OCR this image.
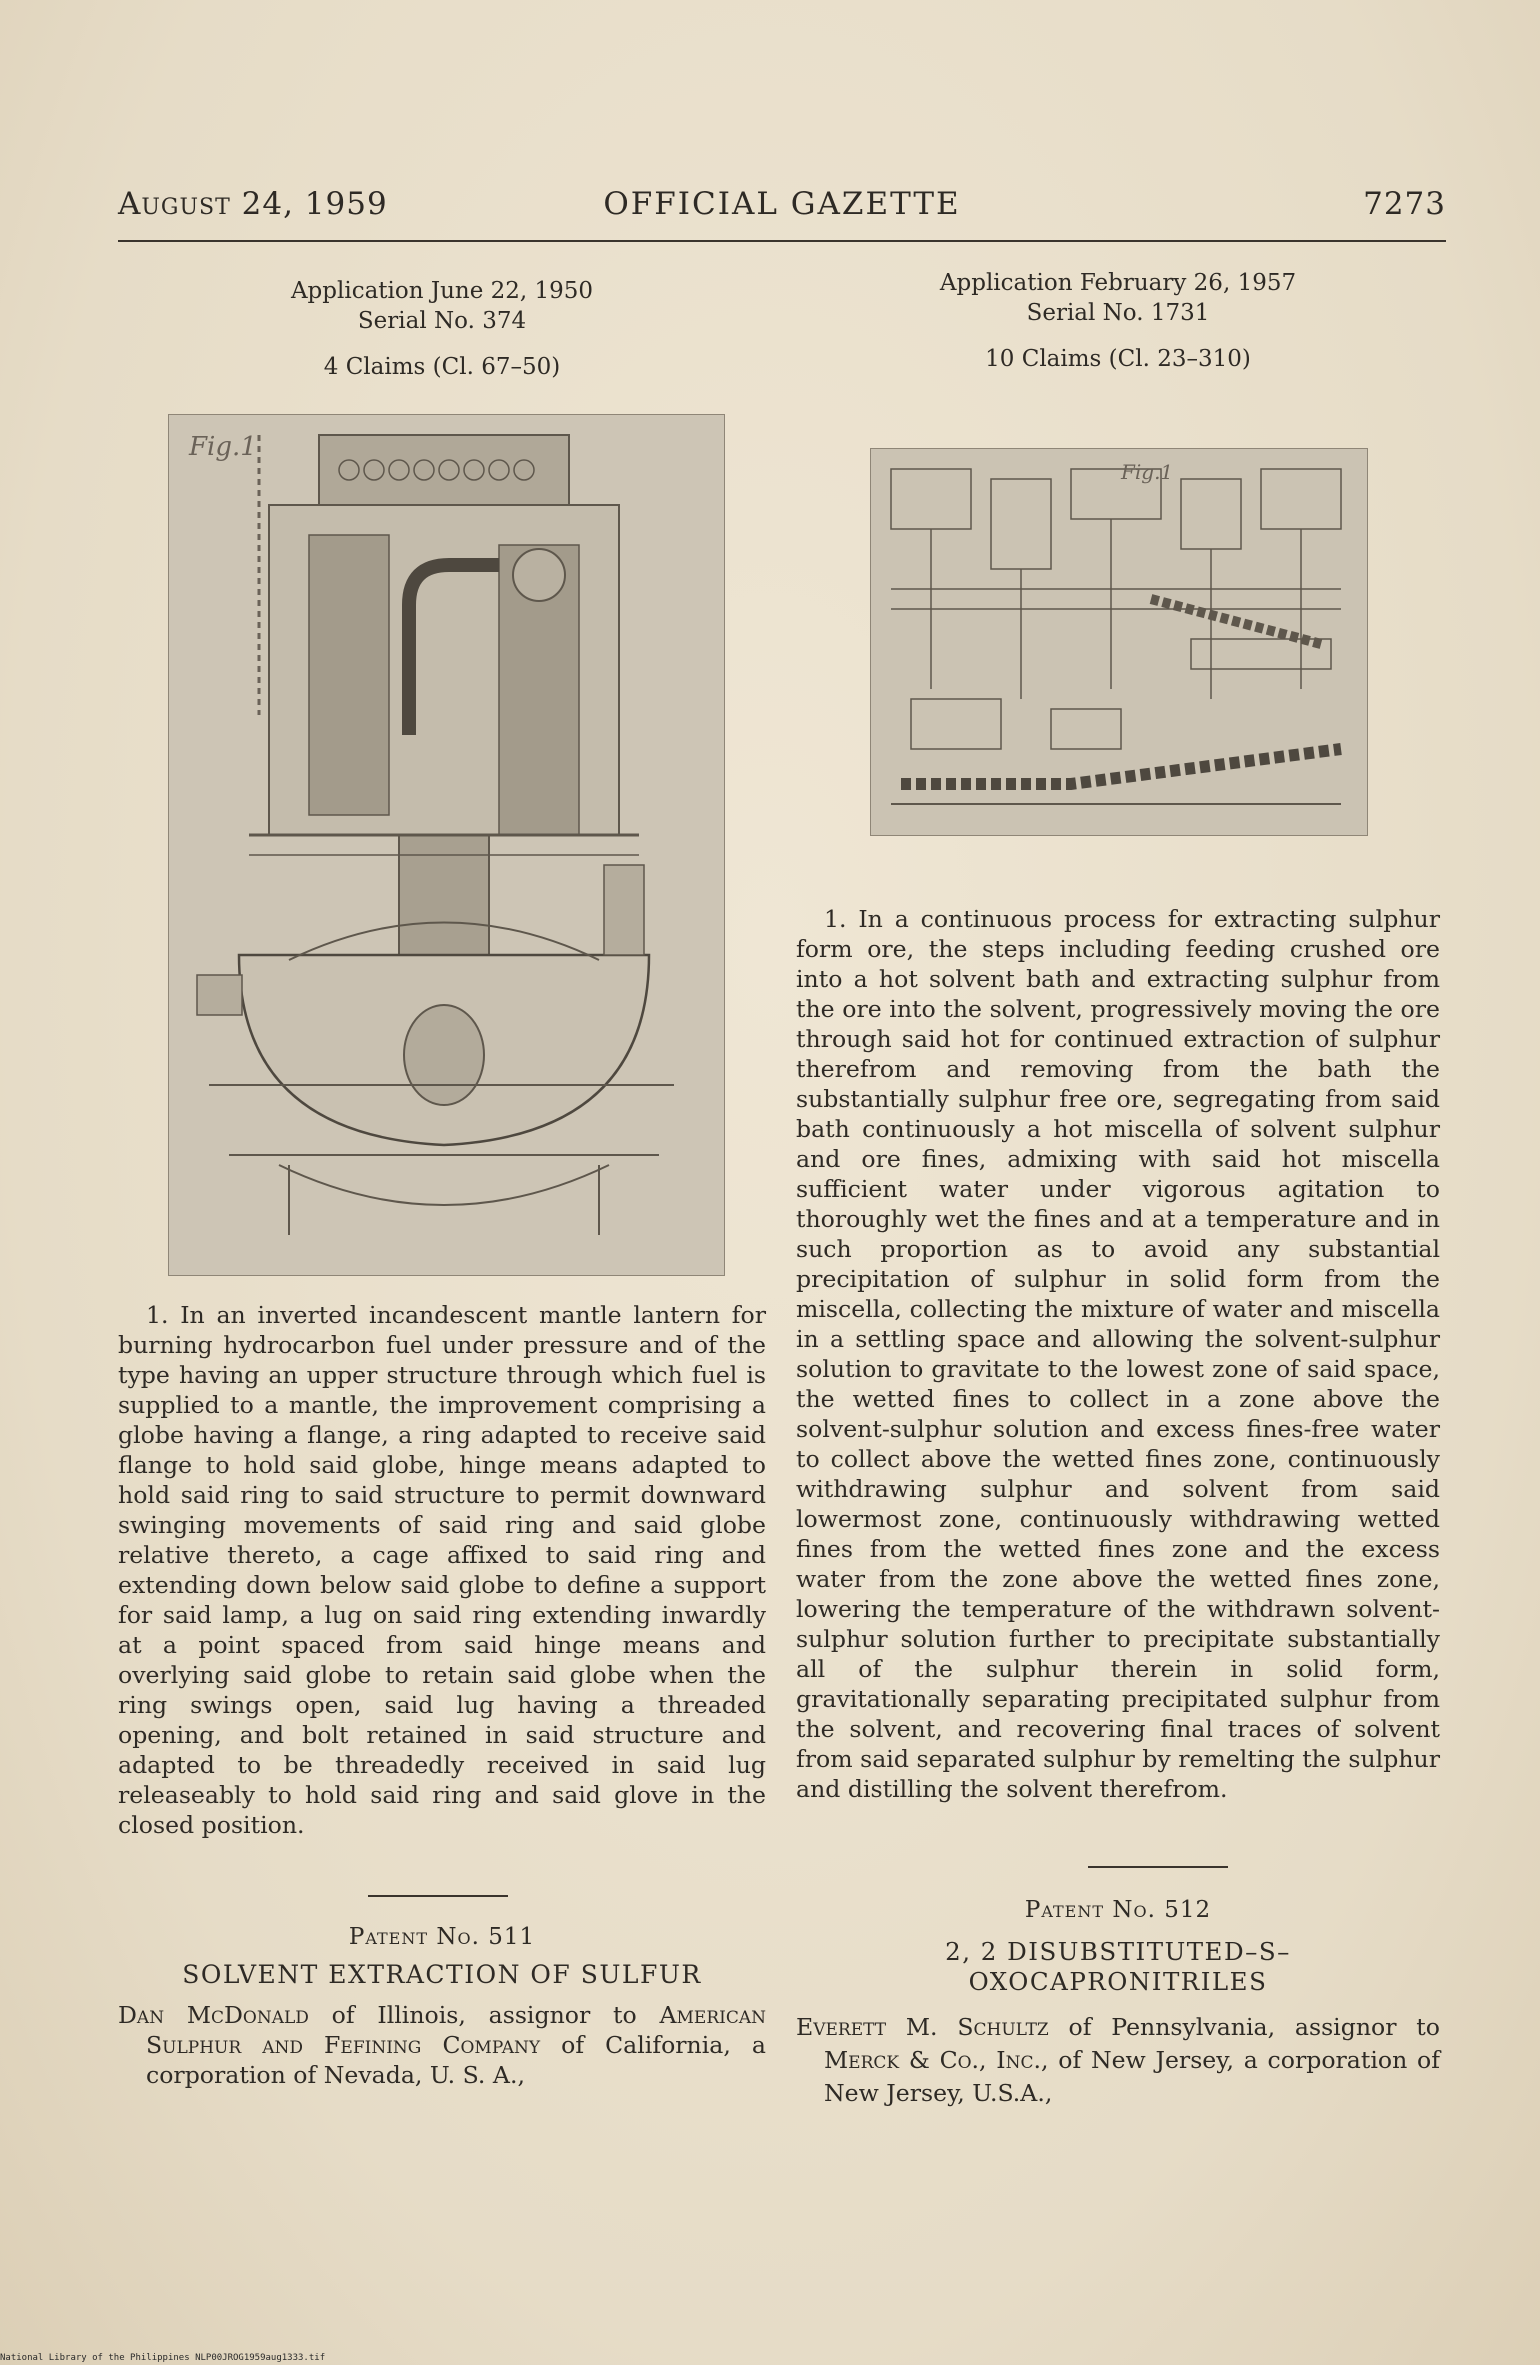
August 24, 1959	OFFICIAL GAZETTE	7273
Application June 22, 1950
Serial No. 374
4 Claims (Cl. 67–50)
Fig.1
1. In an inverted incandescent mantle lantern for burning hydrocarbon fuel under pressure and of the type having an upper structure through which fuel is supplied to a mantle, the improvement comprising a globe having a flange, a ring adapted to receive said flange to hold said globe, hinge means adapted to hold said ring to said structure to permit downward swinging movements of said ring and said globe relative thereto, a cage affixed to said ring and extending down below said globe to define a support for said lamp, a lug on said ring extending inwardly at a point spaced from said hinge means and overlying said globe to retain said globe when the ring swings open, said lug having a threaded opening, and bolt retained in said structure and adapted to be threadedly received in said lug releaseably to hold said ring and said glove in the closed position.
Patent No. 511
SOLVENT EXTRACTION OF SULFUR
Dan McDonald of Illinois, assignor to American Sulphur and Fefining Company of California, a corporation of Nevada, U. S. A.,
Application February 26, 1957
Serial No. 1731
10 Claims (Cl. 23–310)
Fig.1
1. In a continuous process for extracting sulphur form ore, the steps including feeding crushed ore into a hot solvent bath and extracting sulphur from the ore into the solvent, progressively moving the ore through said hot for continued extraction of sulphur therefrom and removing from the bath the substantially sulphur free ore, segregating from said bath continuously a hot miscella of solvent sulphur and ore fines, admixing with said hot miscella sufficient water under vigorous agitation to thoroughly wet the fines and at a temperature and in such proportion as to avoid any substantial precipitation of sulphur in solid form from the miscella, collecting the mixture of water and miscella in a settling space and allowing the solvent-sulphur solution to gravitate to the lowest zone of said space, the wetted fines to collect in a zone above the solvent-sulphur solution and excess fines-free water to collect above the wetted fines zone, continuously withdrawing sulphur and solvent from said lowermost zone, continuously withdrawing wetted fines from the wetted fines zone and the excess water from the zone above the wetted fines zone, lowering the temperature of the withdrawn solvent-sulphur solution further to precipitate substantially all of the sulphur therein in solid form, gravitationally separating precipitated sulphur from the solvent, and recovering final traces of solvent from said separated sulphur by remelting the sulphur and distilling the solvent therefrom.
Patent No. 512
2, 2 DISUBSTITUTED–S–OXOCAPRONITRILES
Everett M. Schultz of Pennsylvania, assignor to Merck & Co., Inc., of New Jersey, a corporation of New Jersey, U.S.A.,
National Library of the Philippines NLP00JROG1959aug1333.tif
